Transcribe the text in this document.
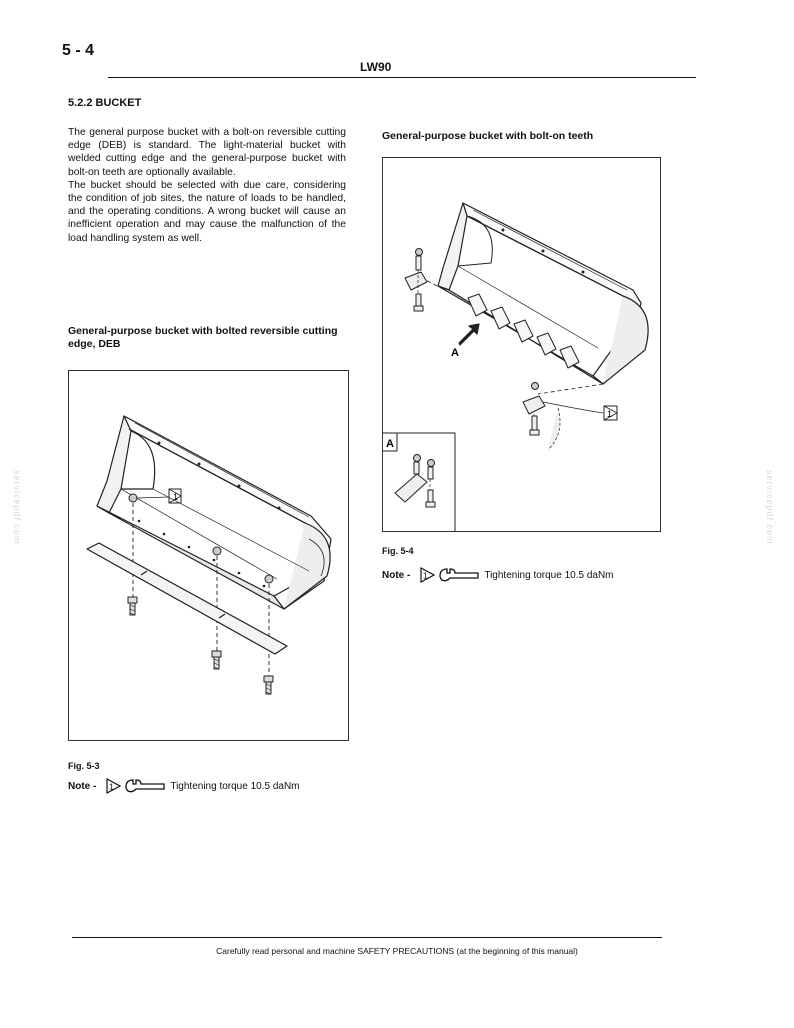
5 - 4
LW90
5.2.2 BUCKET

The general purpose bucket with a bolt-on reversible cutting edge (DEB) is standard. The light-material bucket with welded cutting edge and the general-purpose bucket with bolt-on teeth are optionally available.

The bucket should be selected with due care, considering the condition of job sites, the nature of loads to be handled, and the operating conditions. A wrong bucket will cause an inefficient operation and may cause the malfunction of the load handling system as well.

General-purpose bucket with bolted reversible cutting edge, DEB
1
Fig. 5-3
Note - 1	Tightening torque 10.5 daNm
General-purpose bucket with bolt-on teeth
1
A
A
Fig. 5-4
Note - 1	Tightening torque 10.5 daNm
Carefully read personal and machine SAFETY PRECAUTIONS (at the beginning of this manual)
servicepdf.com	servicepdf.com
